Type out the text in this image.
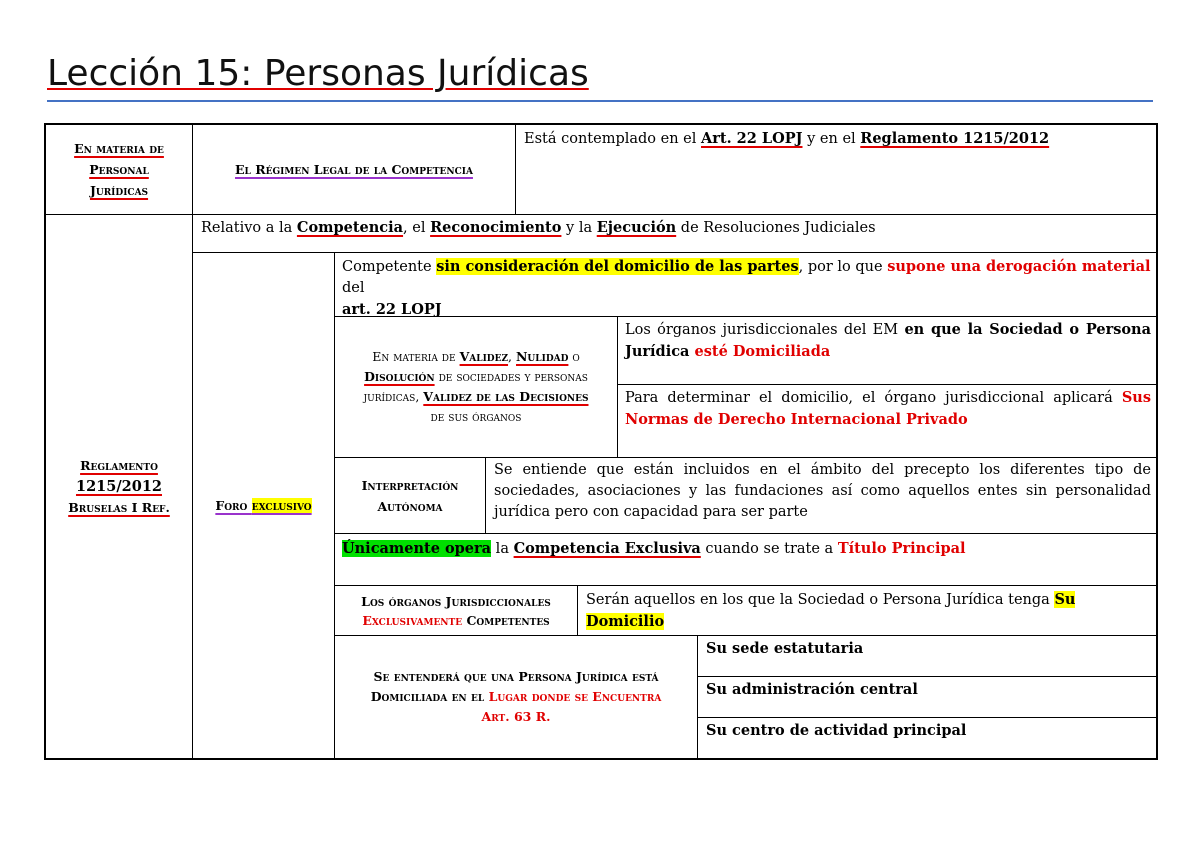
Lección 15: Personas Jurídicas
En materia de
Personal
Jurídicas
El Régimen Legal de la Competencia
Está contemplado en el Art. 22 LOPJ y en el Reglamento 1215/2012
Reglamento
1215/2012
Bruselas I Ref.
Relativo a la Competencia, el Reconocimiento y la Ejecución de Resoluciones Judiciales
Foro exclusivo
Competente sin consideración del domicilio de las partes, por lo que supone una derogación material del
art. 22 LOPJ
En materia de Validez, Nulidad o
Disolución de sociedades y personas
jurídicas, Validez de las Decisiones
de sus órganos
Los órganos jurisdiccionales del EM en que la Sociedad o Persona Jurídica esté Domiciliada
Para determinar el domicilio, el órgano jurisdiccional aplicará Sus Normas de Derecho Internacional Privado
Interpretación
Autónoma
Se entiende que están incluidos en el ámbito del precepto los diferentes tipo de sociedades, asociaciones y las fundaciones así como aquellos entes sin personalidad jurídica pero con capacidad para ser parte
Únicamente opera la Competencia Exclusiva cuando se trate a Título Principal
Los órganos Jurisdiccionales
Exclusivamente Competentes
Serán aquellos en los que la Sociedad o Persona Jurídica tenga Su Domicilio
Se entenderá que una Persona Jurídica está
Domiciliada en el Lugar donde se Encuentra
Art. 63 R.
Su sede estatutaria
Su administración central
Su centro de actividad principal
